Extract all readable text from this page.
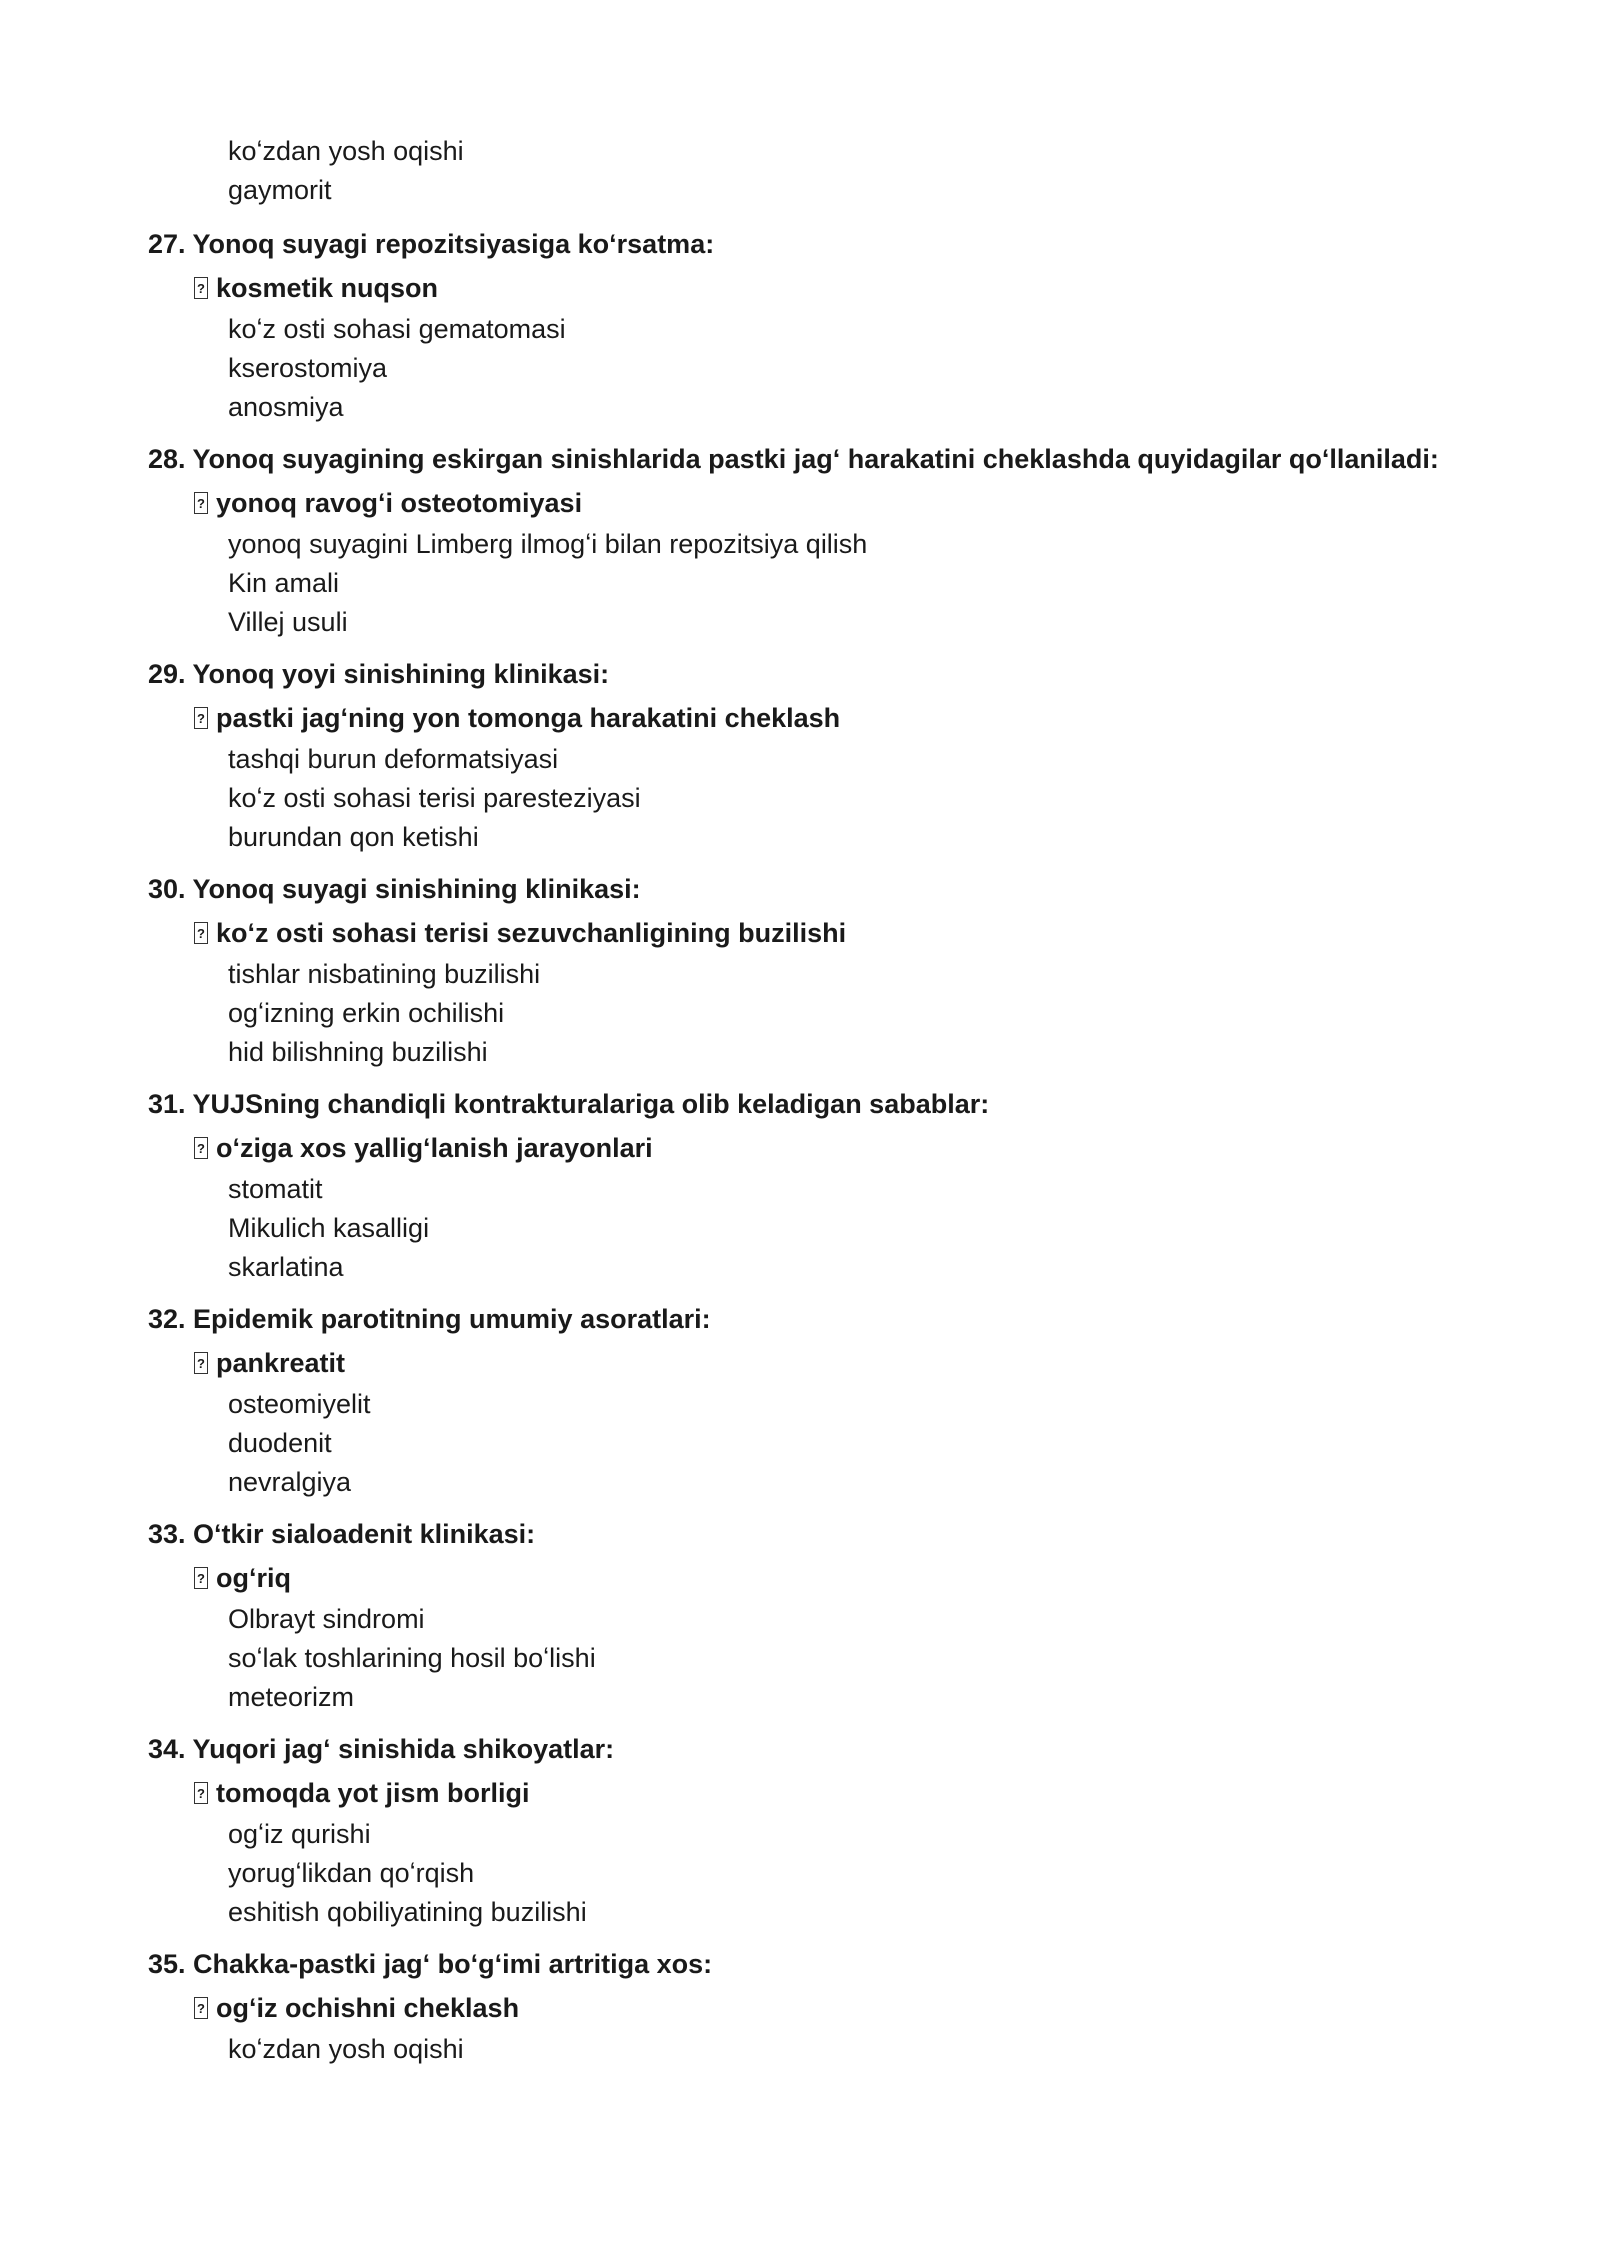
koʻzdan yosh oqishi
gaymorit
27. Yonoq suyagi repozitsiyasiga koʻrsatma:
? kosmetik nuqson
koʻz osti sohasi gematomasi
kserostomiya
anosmiya
28. Yonoq suyagining eskirgan sinishlarida pastki jagʻ harakatini cheklashda quyidagilar qoʻllaniladi:
? yonoq ravogʻi osteotomiyasi
yonoq suyagini Limberg ilmogʻi bilan repozitsiya qilish
Kin amali
Villej usuli
29. Yonoq yoyi sinishining klinikasi:
? pastki jagʻning yon tomonga harakatini cheklash
tashqi burun deformatsiyasi
koʻz osti sohasi terisi paresteziyasi
burundan qon ketishi
30. Yonoq suyagi sinishining klinikasi:
? koʻz osti sohasi terisi sezuvchanligining buzilishi
tishlar nisbatining buzilishi
ogʻizning erkin ochilishi
hid bilishning buzilishi
31. YUJSning chandiqli kontrakturalariga olib keladigan sabablar:
? oʻziga xos yalligʻlanish jarayonlari
stomatit
Mikulich kasalligi
skarlatina
32. Epidemik parotitning umumiy asoratlari:
? pankreatit
osteomiyelit
duodenit
nevralgiya
33. Oʻtkir sialoadenit klinikasi:
? ogʻriq
Olbrayt sindromi
soʻlak toshlarining hosil boʻlishi
meteorizm
34. Yuqori jagʻ sinishida shikoyatlar:
? tomoqda yot jism borligi
ogʻiz qurishi
yorugʻlikdan qoʻrqish
eshitish qobiliyatining buzilishi
35. Chakka-pastki jagʻ boʻgʻimi artritiga xos:
? ogʻiz ochishni cheklash
koʻzdan yosh oqishi
